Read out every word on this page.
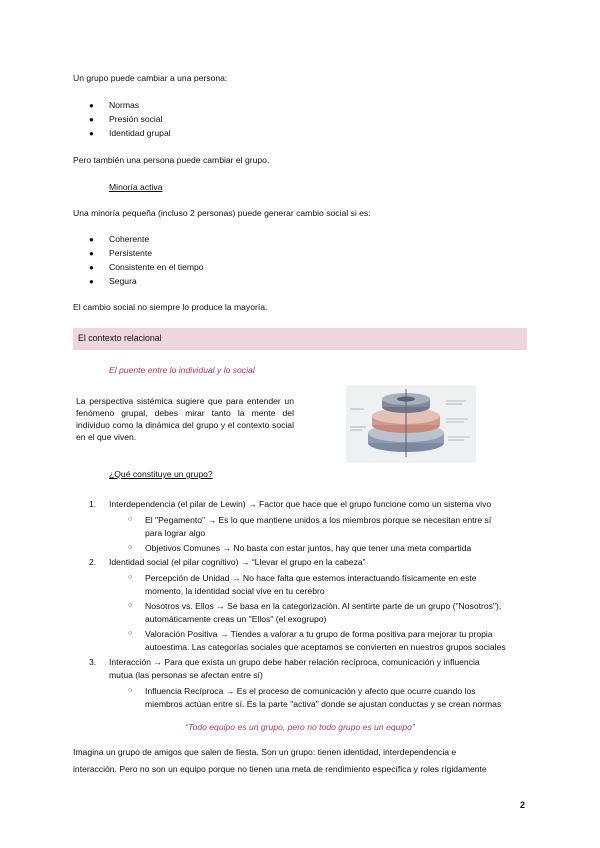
Un grupo puede cambiar a una persona:
● Normas
● Presión social
● Identidad grupal
Pero también una persona puede cambiar el grupo.
Minoría activa
Una minoría pequeña (incluso 2 personas) puede generar cambio social si es:
● Coherente
● Persistente
● Consistente en el tiempo
● Segura
El cambio social no siempre lo produce la mayoría.
El contexto relacional
El puente entre lo individual y lo social
La perspectiva sistémica sugiere que para entender un fenómeno grupal, debes mirar tanto la mente del individuo como la dinámica del grupo y el contexto social en el que viven.
¿Qué constituye un grupo?
1. Interdependencia (el pilar de Lewin) → Factor que hace que el grupo funcione como un sistema vivo
○ El "Pegamento" → Es lo que mantiene unidos a los miembros porque se necesitan entre sí
para lograr algo
○ Objetivos Comunes → No basta con estar juntos, hay que tener una meta compartida
2. Identidad social (el pilar cognitivo) → “Llevar el grupo en la cabeza”
○ Percepción de Unidad → No hace falta que estemos interactuando físicamente en este
momento, la identidad social vive en tu cerebro
○ Nosotros vs. Ellos → Se basa en la categorización. Al sentirte parte de un grupo ("Nosotros"),
automáticamente creas un "Ellos" (el exogrupo)
○ Valoración Positiva → Tiendes a valorar a tu grupo de forma positiva para mejorar tu propia
autoestima. Las categorías sociales que aceptamos se convierten en nuestros grupos sociales
3. Interacción → Para que exista un grupo debe haber relación recíproca, comunicación y influencia
mutua (las personas se afectan entre sí)
○ Influencia Recíproca → Es el proceso de comunicación y afecto que ocurre cuando los
miembros actúan entre sí. Es la parte "activa" donde se ajustan conductas y se crean normas
“Todo equipo es un grupo, pero no todo grupo es un equipo”
Imagina un grupo de amigos que salen de fiesta. Son un grupo: tienen identidad, interdependencia e
interacción. Pero no son un equipo porque no tienen una meta de rendimiento específica y roles rígidamente
2
